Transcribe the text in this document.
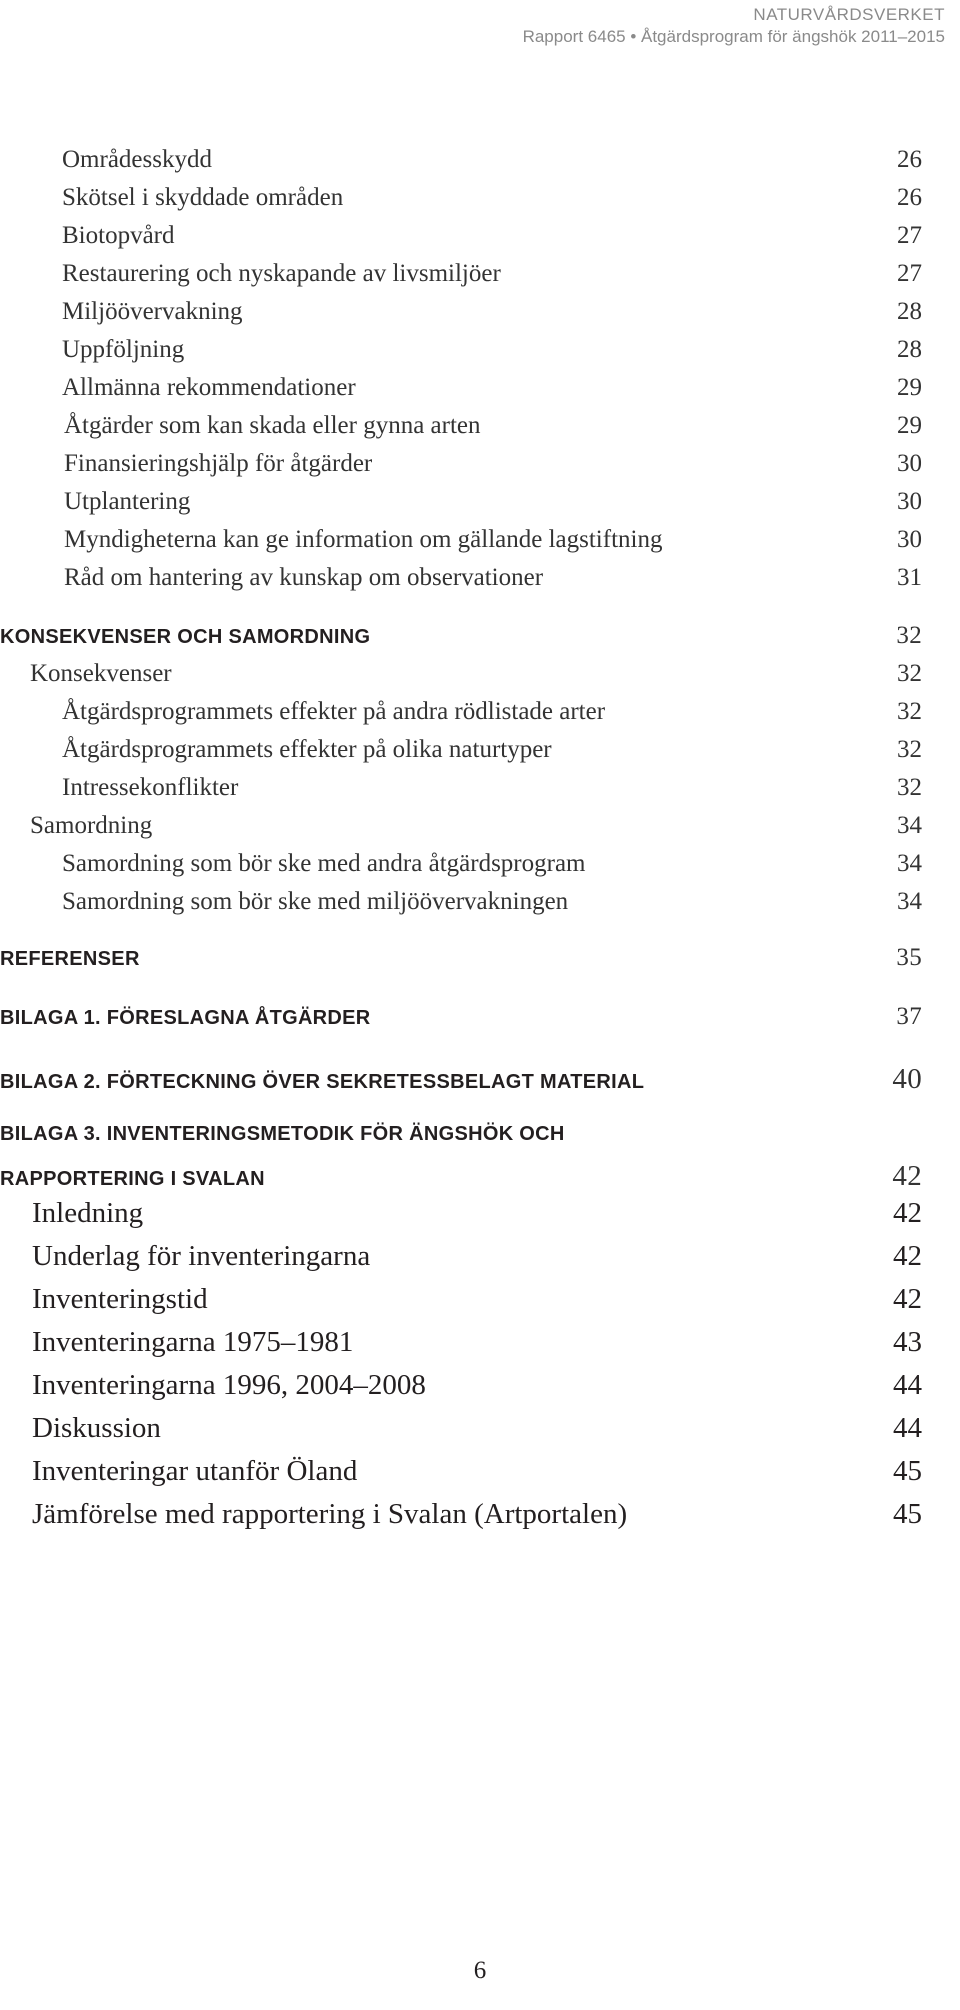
NATURVÅRDSVERKET
Rapport 6465 • Åtgärdsprogram för ängshök 2011–2015
Områdesskydd	26
Skötsel i skyddade områden	26
Biotopvård	27
Restaurering och nyskapande av livsmiljöer	27
Miljöövervakning	28
Uppföljning	28
Allmänna rekommendationer	29
Åtgärder som kan skada eller gynna arten	29
Finansieringshjälp för åtgärder	30
Utplantering	30
Myndigheterna kan ge information om gällande lagstiftning	30
Råd om hantering av kunskap om observationer	31
KONSEKVENSER OCH SAMORDNING	32
Konsekvenser	32
Åtgärdsprogrammets effekter på andra rödlistade arter	32
Åtgärdsprogrammets effekter på olika naturtyper	32
Intressekonflikter	32
Samordning	34
Samordning som bör ske med andra åtgärdsprogram	34
Samordning som bör ske med miljöövervakningen	34
REFERENSER	35
BILAGA 1. FÖRESLAGNA ÅTGÄRDER	37
BILAGA 2. FÖRTECKNING ÖVER SEKRETESSBELAGT MATERIAL	40
BILAGA 3. INVENTERINGSMETODIK FÖR ÄNGSHÖK OCH
RAPPORTERING I SVALAN	42
Inledning	42
Underlag för inventeringarna	42
Inventeringstid	42
Inventeringarna 1975–1981	43
Inventeringarna 1996, 2004–2008	44
Diskussion	44
Inventeringar utanför Öland	45
Jämförelse med rapportering i Svalan (Artportalen)	45
6
